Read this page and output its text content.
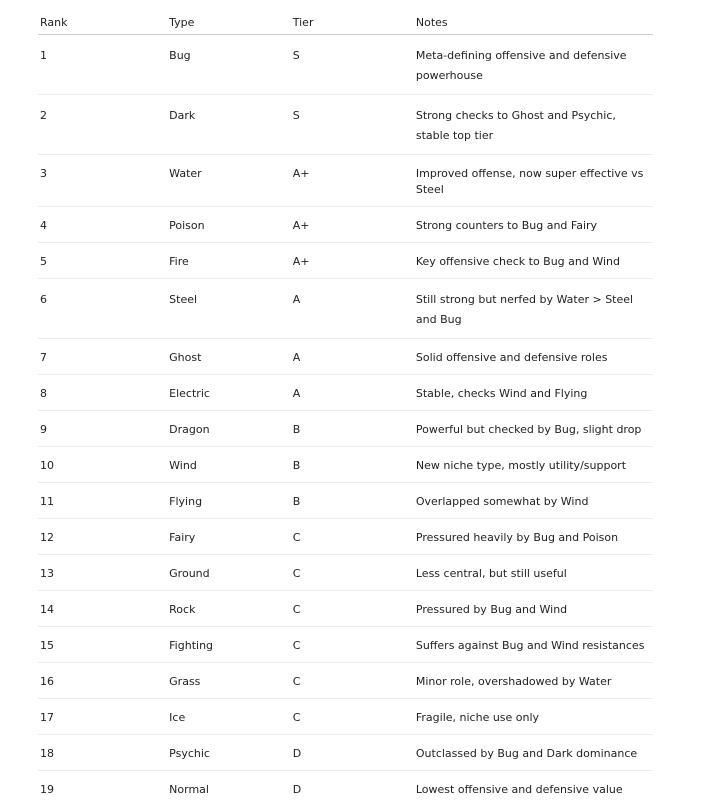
Rank	Type	Tier	Notes
1	Bug	S	Meta-defining offensive and defensive powerhouse
2	Dark	S	Strong checks to Ghost and Psychic, stable top tier
3	Water	A+	Improved offense, now super effective vs Steel
4	Poison	A+	Strong counters to Bug and Fairy
5	Fire	A+	Key offensive check to Bug and Wind
6	Steel	A	Still strong but nerfed by Water > Steel and Bug
7	Ghost	A	Solid offensive and defensive roles
8	Electric	A	Stable, checks Wind and Flying
9	Dragon	B	Powerful but checked by Bug, slight drop
10	Wind	B	New niche type, mostly utility/support
11	Flying	B	Overlapped somewhat by Wind
12	Fairy	C	Pressured heavily by Bug and Poison
13	Ground	C	Less central, but still useful
14	Rock	C	Pressured by Bug and Wind
15	Fighting	C	Suffers against Bug and Wind resistances
16	Grass	C	Minor role, overshadowed by Water
17	Ice	C	Fragile, niche use only
18	Psychic	D	Outclassed by Bug and Dark dominance
19	Normal	D	Lowest offensive and defensive value
